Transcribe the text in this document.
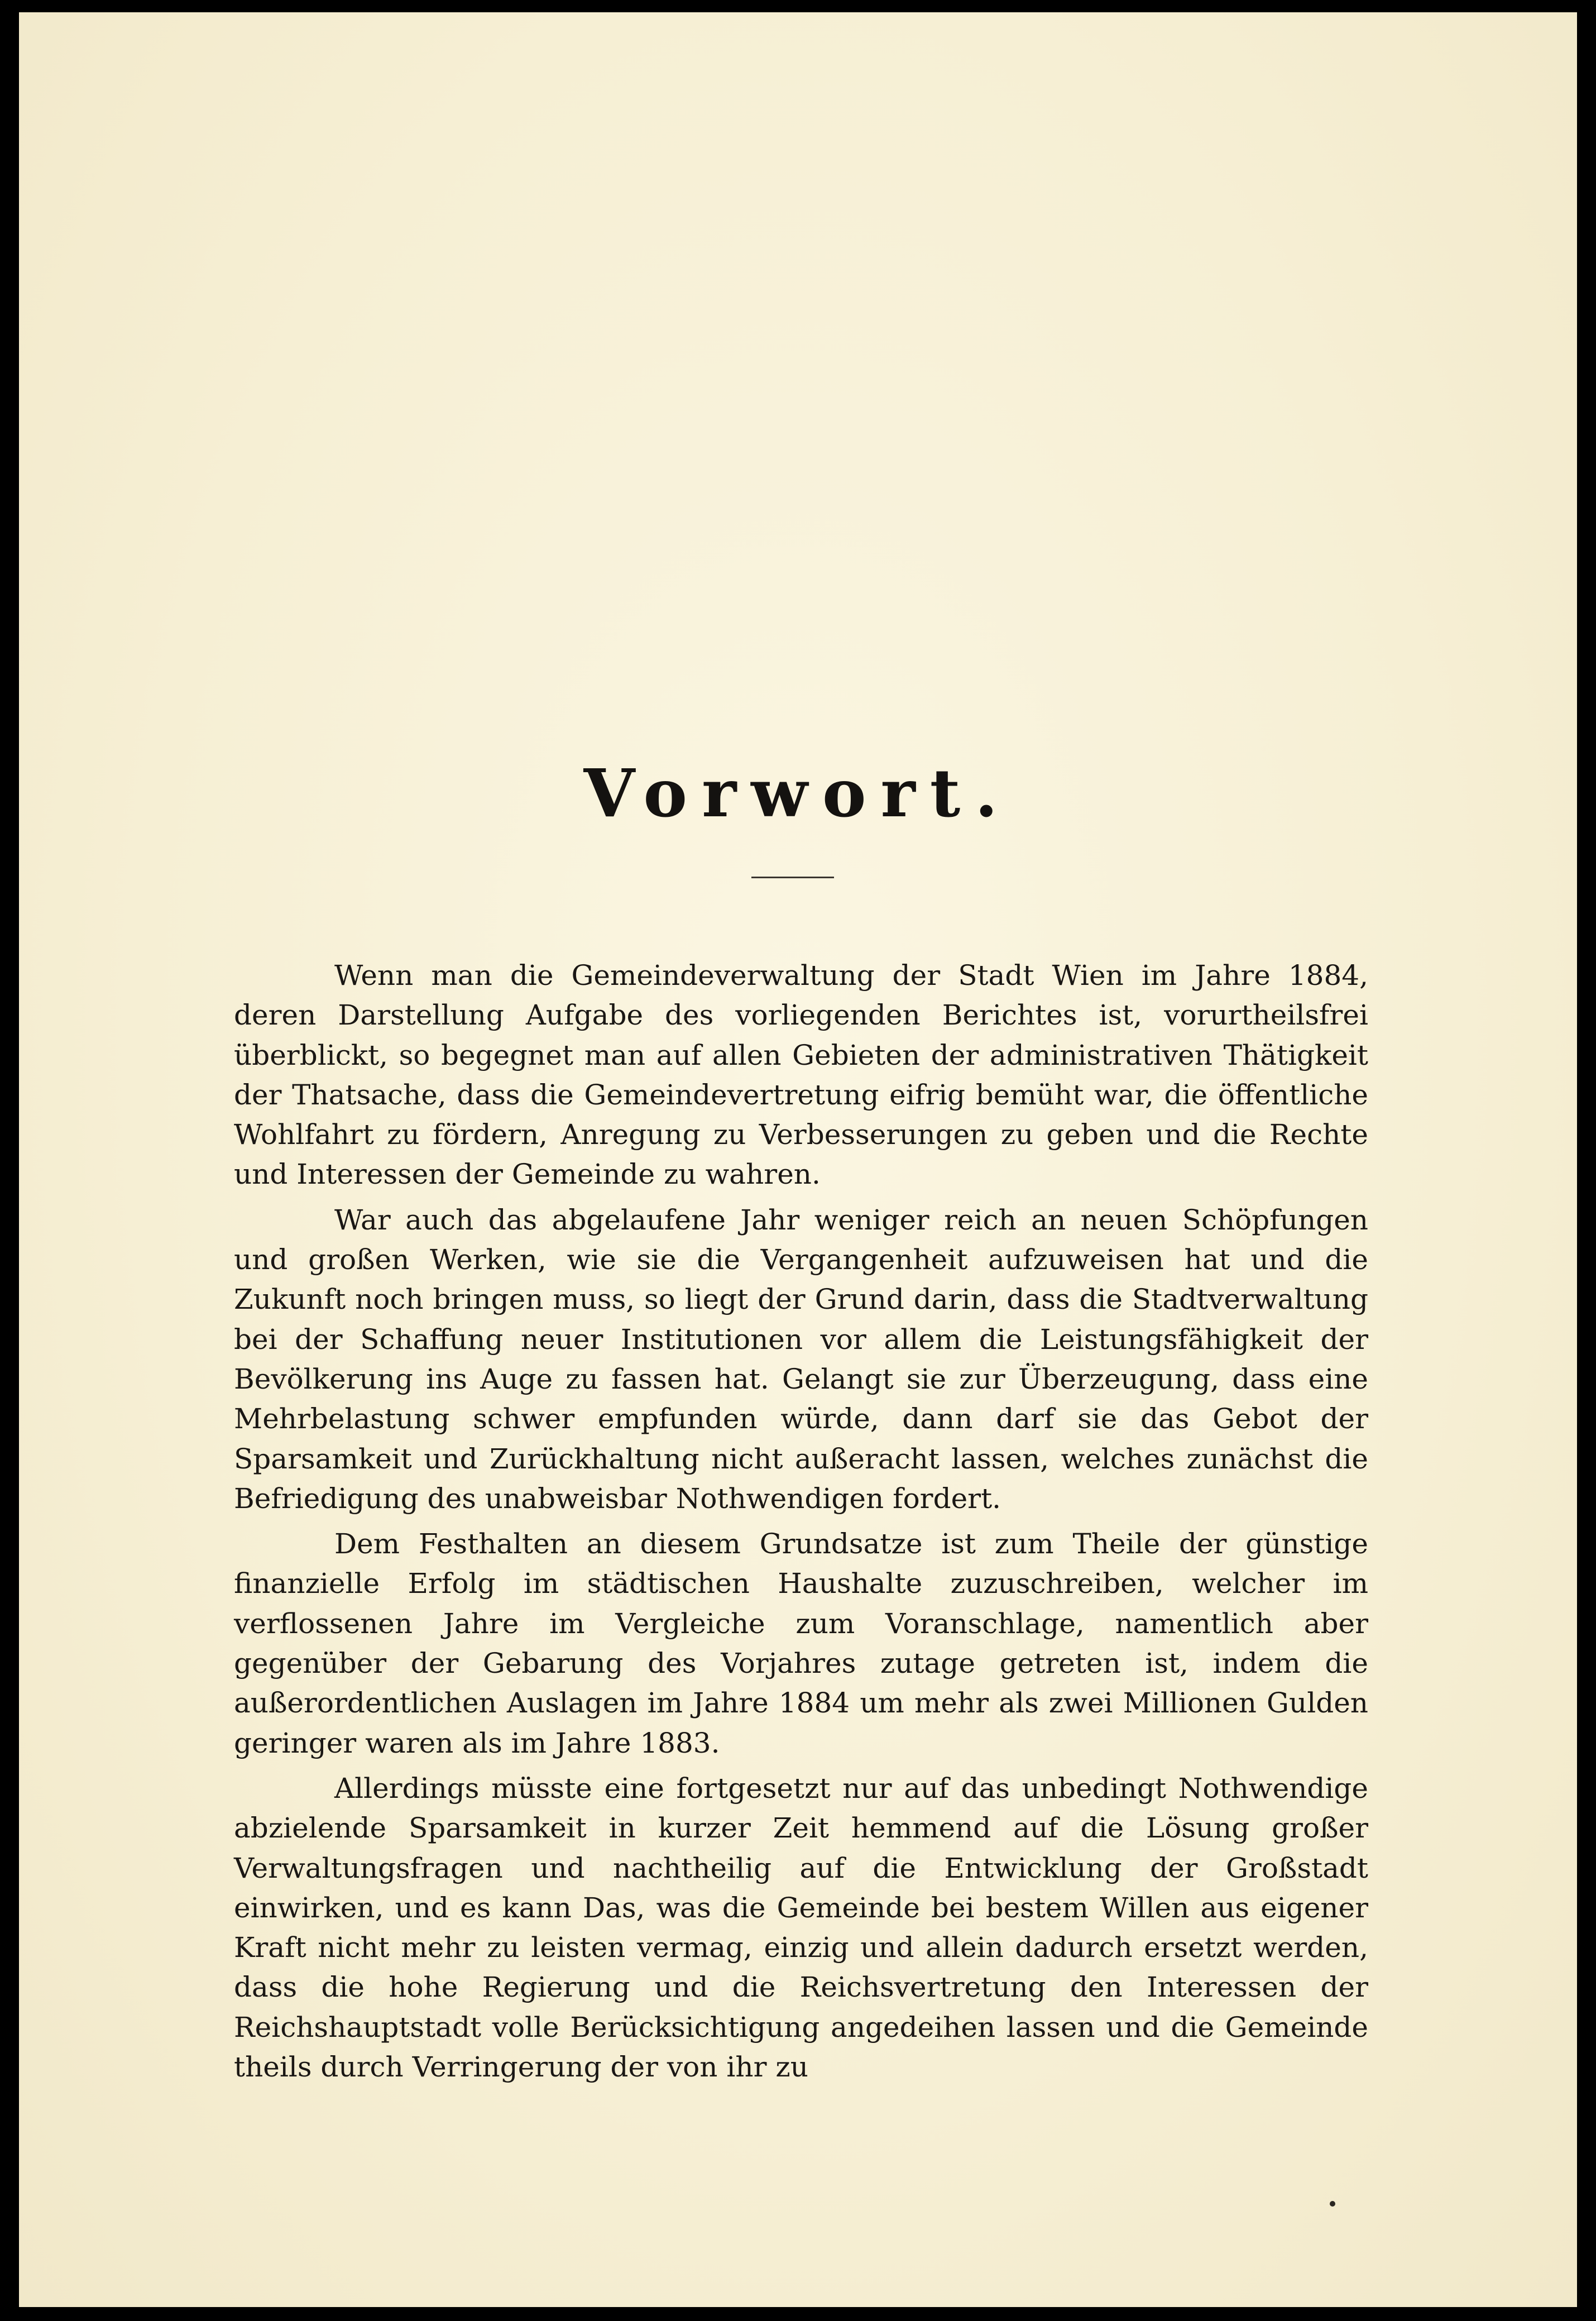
Vorwort.

Wenn man die Gemeindeverwaltung der Stadt Wien im Jahre 1884, deren Darstellung Aufgabe des vorliegenden Berichtes ist, vorurtheilsfrei überblickt, so begegnet man auf allen Gebieten der administrativen Thätigkeit der Thatsache, dass die Gemeindevertretung eifrig bemüht war, die öffentliche Wohlfahrt zu fördern, Anregung zu Verbesserungen zu geben und die Rechte und Interessen der Gemeinde zu wahren.

War auch das abgelaufene Jahr weniger reich an neuen Schöpfungen und großen Werken, wie sie die Vergangenheit aufzuweisen hat und die Zukunft noch bringen muss, so liegt der Grund darin, dass die Stadtverwaltung bei der Schaffung neuer Institutionen vor allem die Leistungsfähigkeit der Bevölkerung ins Auge zu fassen hat. Gelangt sie zur Überzeugung, dass eine Mehrbelastung schwer empfunden würde, dann darf sie das Gebot der Sparsamkeit und Zurückhaltung nicht außeracht lassen, welches zunächst die Befriedigung des unabweisbar Nothwendigen fordert.

Dem Festhalten an diesem Grundsatze ist zum Theile der günstige finanzielle Erfolg im städtischen Haushalte zuzuschreiben, welcher im verflossenen Jahre im Vergleiche zum Voranschlage, namentlich aber gegenüber der Gebarung des Vorjahres zutage getreten ist, indem die außerordentlichen Auslagen im Jahre 1884 um mehr als zwei Millionen Gulden geringer waren als im Jahre 1883.

Allerdings müsste eine fortgesetzt nur auf das unbedingt Nothwendige abzielende Sparsamkeit in kurzer Zeit hemmend auf die Lösung großer Verwaltungsfragen und nachtheilig auf die Entwicklung der Großstadt einwirken, und es kann Das, was die Gemeinde bei bestem Willen aus eigener Kraft nicht mehr zu leisten vermag, einzig und allein dadurch ersetzt werden, dass die hohe Regierung und die Reichsvertretung den Interessen der Reichshauptstadt volle Berücksichtigung angedeihen lassen und die Gemeinde theils durch Verringerung der von ihr zu
